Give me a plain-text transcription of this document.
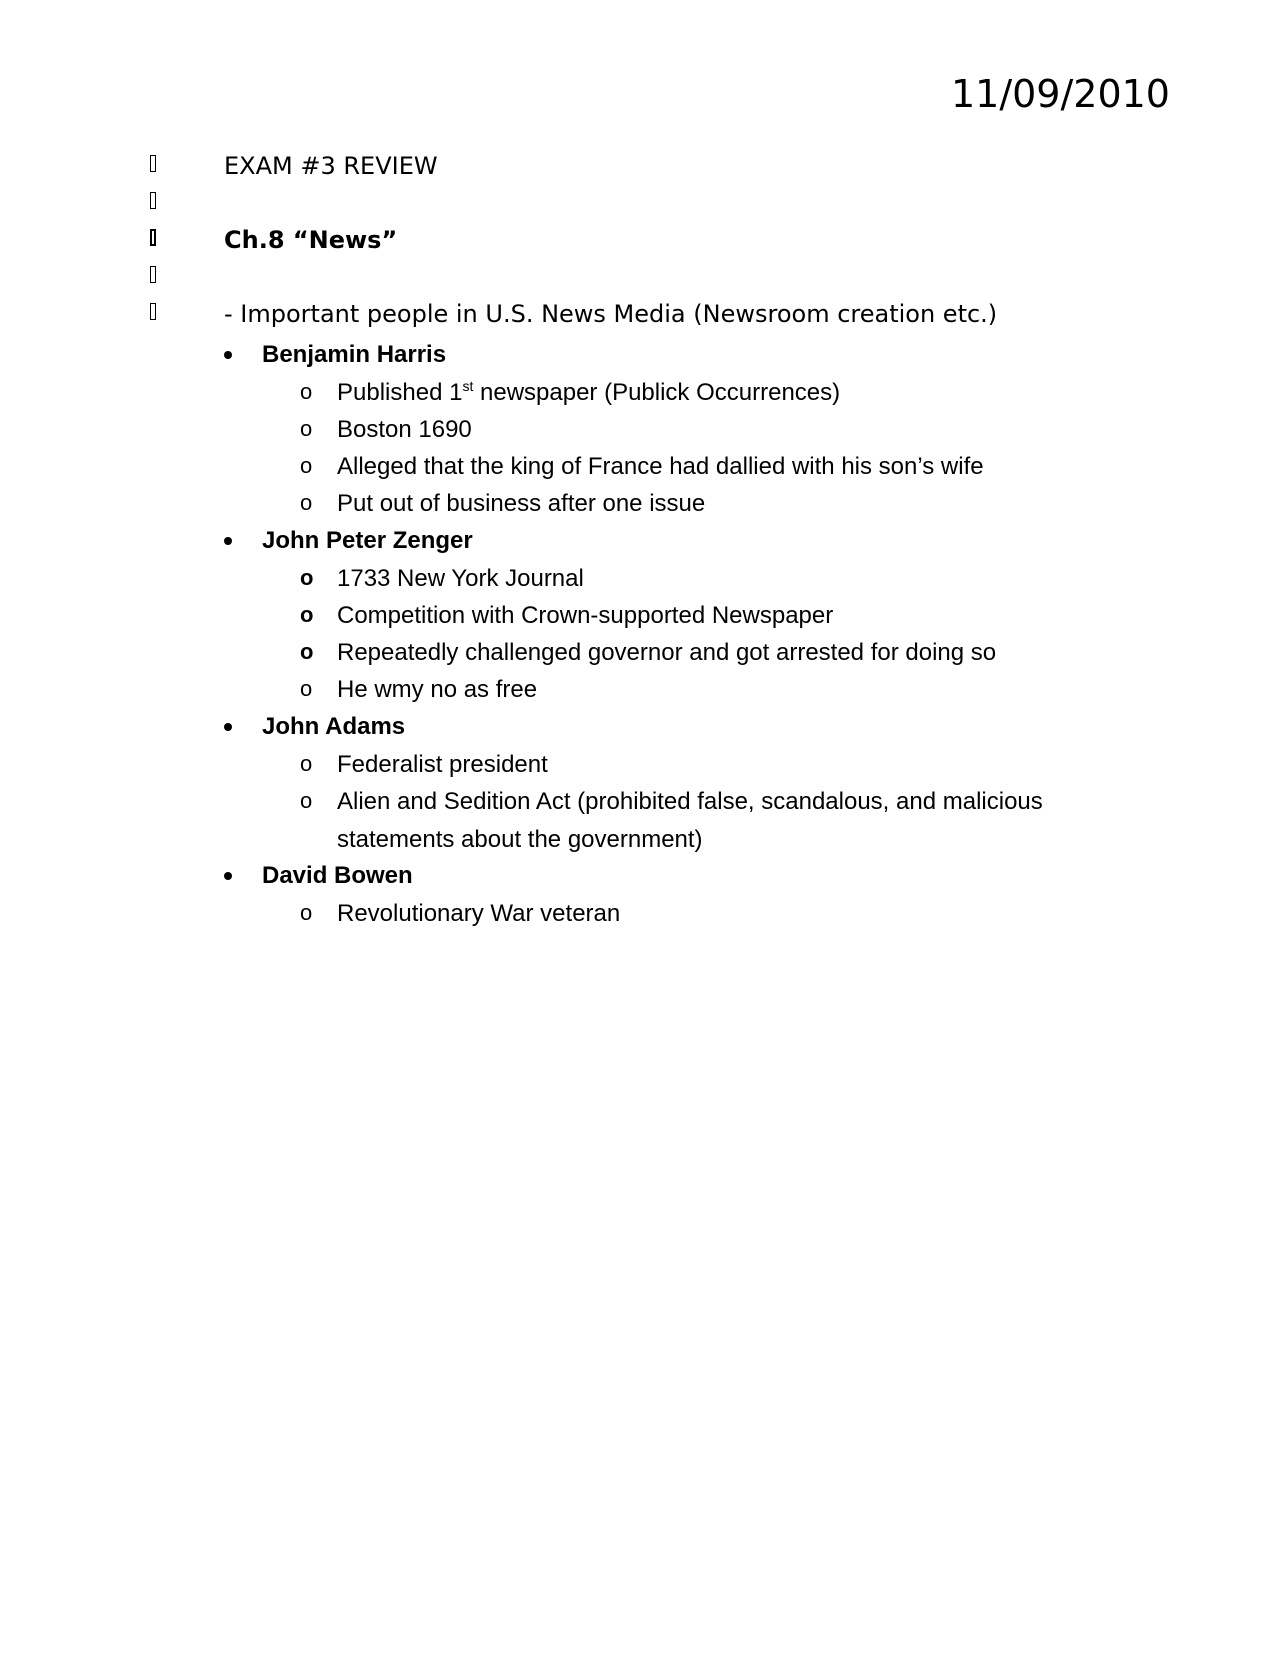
11/09/2010
EXAM #3 REVIEW
Ch.8 “News”
- Important people in U.S. News Media (Newsroom creation etc.)
Benjamin Harris
o Published 1st newspaper (Publick Occurrences)
o Boston 1690
o Alleged that the king of France had dallied with his son’s wife
o Put out of business after one issue
John Peter Zenger
o 1733 New York Journal
o Competition with Crown-supported Newspaper
o Repeatedly challenged governor and got arrested for doing so
o He wmy no as free
John Adams
o Federalist president
o Alien and Sedition Act (prohibited false, scandalous, and malicious statements about the government)
David Bowen
o Revolutionary War veteran
